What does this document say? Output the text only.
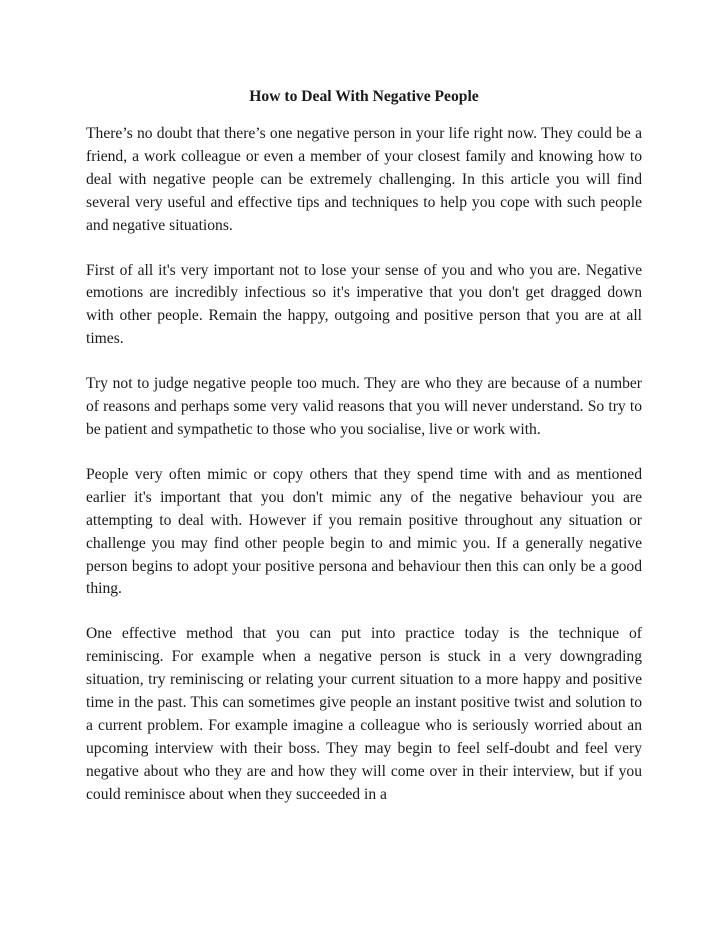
How to Deal With Negative People

There’s no doubt that there’s one negative person in your life right now. They could be a friend, a work colleague or even a member of your closest family and knowing how to deal with negative people can be extremely challenging. In this article you will find several very useful and effective tips and techniques to help you cope with such people and negative situations.

First of all it's very important not to lose your sense of you and who you are. Negative emotions are incredibly infectious so it's imperative that you don't get dragged down with other people. Remain the happy, outgoing and positive person that you are at all times.

Try not to judge negative people too much. They are who they are because of a number of reasons and perhaps some very valid reasons that you will never understand. So try to be patient and sympathetic to those who you socialise, live or work with.

People very often mimic or copy others that they spend time with and as mentioned earlier it's important that you don't mimic any of the negative behaviour you are attempting to deal with. However if you remain positive throughout any situation or challenge you may find other people begin to and mimic you. If a generally negative person begins to adopt your positive persona and behaviour then this can only be a good thing.

One effective method that you can put into practice today is the technique of reminiscing. For example when a negative person is stuck in a very downgrading situation, try reminiscing or relating your current situation to a more happy and positive time in the past. This can sometimes give people an instant positive twist and solution to a current problem. For example imagine a colleague who is seriously worried about an upcoming interview with their boss. They may begin to feel self-doubt and feel very negative about who they are and how they will come over in their interview, but if you could reminisce about when they succeeded in a
